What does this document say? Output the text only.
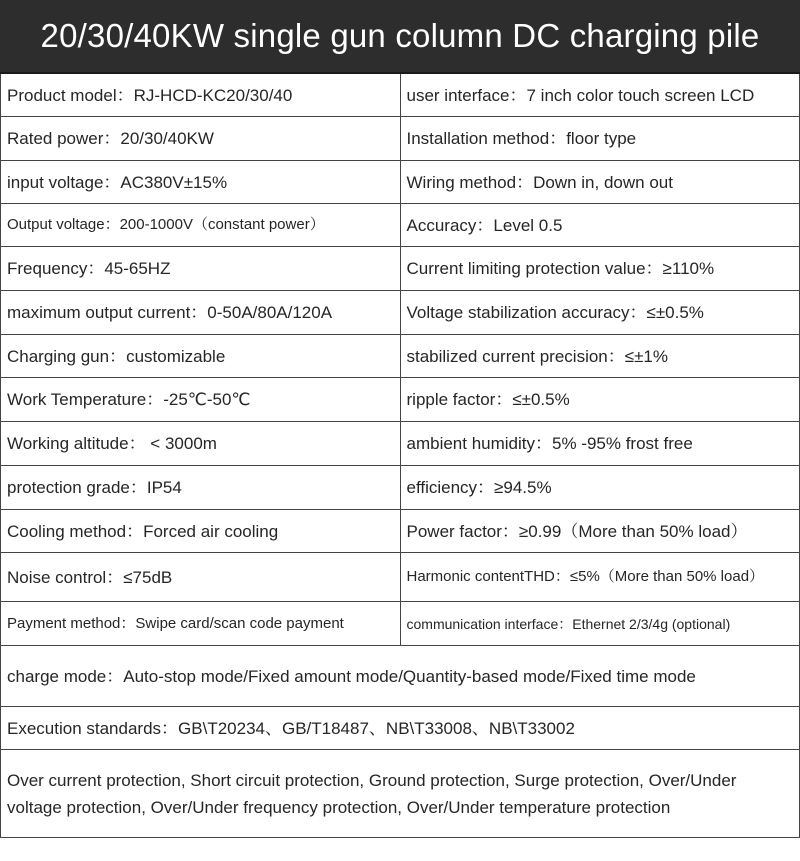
20/30/40KW single gun column DC charging pile
Product model：RJ-HCD-KC20/30/40	user interface：7 inch color touch screen LCD
Rated power：20/30/40KW	Installation method：floor type
input voltage：AC380V±15%	Wiring method：Down in, down out
Output voltage：200-1000V（constant power）	Accuracy：Level 0.5
Frequency：45-65HZ	Current limiting protection value：≥110%
maximum output current：0-50A/80A/120A	Voltage stabilization accuracy：≤±0.5%
Charging gun：customizable	stabilized current precision：≤±1%
Work Temperature：-25℃-50℃	ripple factor：≤±0.5%
Working altitude： < 3000m	ambient humidity：5% -95% frost free
protection grade：IP54	efficiency：≥94.5%
Cooling method：Forced air cooling	Power factor：≥0.99（More than 50% load）
Noise control：≤75dB	Harmonic contentTHD：≤5%（More than 50% load）
Payment method：Swipe card/scan code payment	communication interface：Ethernet 2/3/4g (optional)
charge mode：Auto-stop mode/Fixed amount mode/Quantity-based mode/Fixed time mode
Execution standards：GB\T20234、GB/T18487、NB\T33008、NB\T33002
Over current protection, Short circuit protection, Ground protection, Surge protection, Over/Under voltage protection, Over/Under frequency protection, Over/Under temperature protection
